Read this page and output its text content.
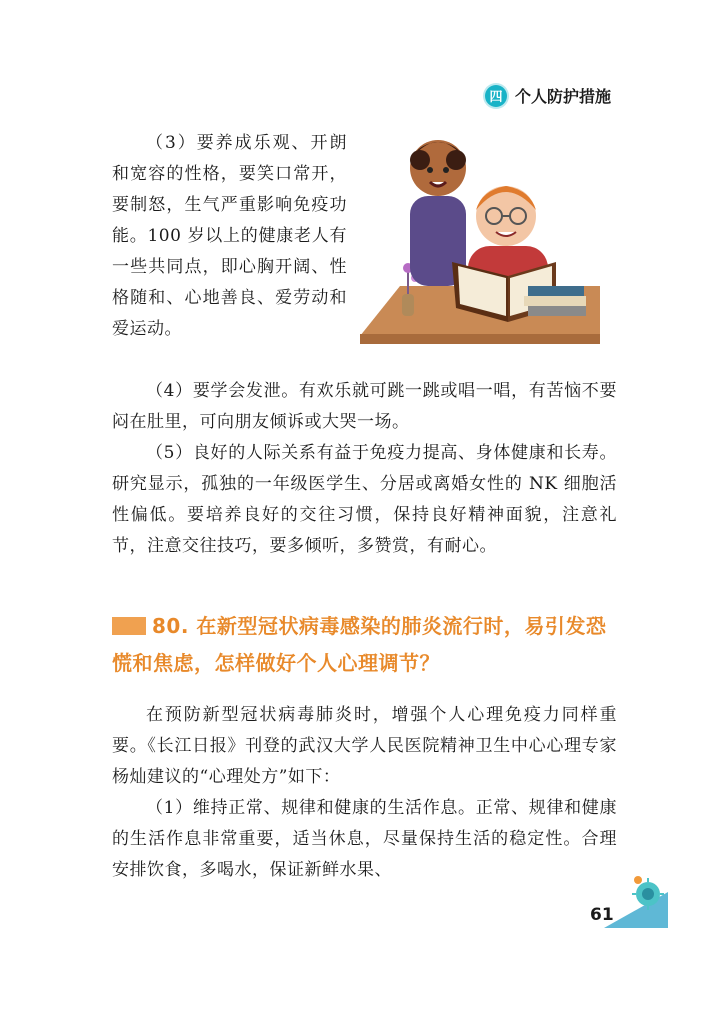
四 个人防护措施

（3）要养成乐观、开朗和宽容的性格，要笑口常开，要制怒，生气严重影响免疫功能。100 岁以上的健康老人有一些共同点，即心胸开阔、性格随和、心地善良、爱劳动和爱运动。

（4）要学会发泄。有欢乐就可跳一跳或唱一唱，有苦恼不要闷在肚里，可向朋友倾诉或大哭一场。

（5）良好的人际关系有益于免疫力提高、身体健康和长寿。研究显示，孤独的一年级医学生、分居或离婚女性的 NK 细胞活性偏低。要培养良好的交往习惯，保持良好精神面貌，注意礼节，注意交往技巧，要多倾听，多赞赏，有耐心。

80. 在新型冠状病毒感染的肺炎流行时，易引发恐慌和焦虑，怎样做好个人心理调节？

在预防新型冠状病毒肺炎时，增强个人心理免疫力同样重要。《长江日报》刊登的武汉大学人民医院精神卫生中心心理专家杨灿建议的“心理处方”如下：

（1）维持正常、规律和健康的生活作息。正常、规律和健康的生活作息非常重要，适当休息，尽量保持生活的稳定性。合理安排饮食，多喝水，保证新鲜水果、

61
